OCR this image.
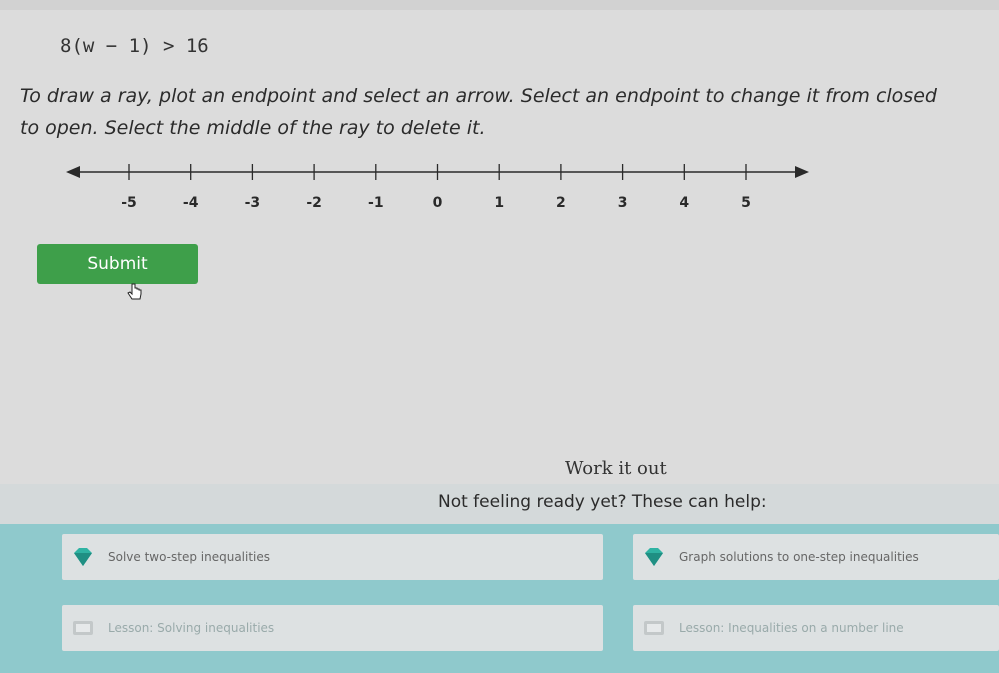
8(w − 1) > 16
To draw a ray, plot an endpoint and select an arrow. Select an endpoint to change it from closed to open. Select the middle of the ray to delete it.
-5	-4	-3	-2	-1	0	1	2	3	4	5
Submit
Work it out
Not feeling ready yet? These can help:
Solve two-step inequalities	Graph solutions to one-step inequalities
Lesson: Solving inequalities	Lesson: Inequalities on a number line
